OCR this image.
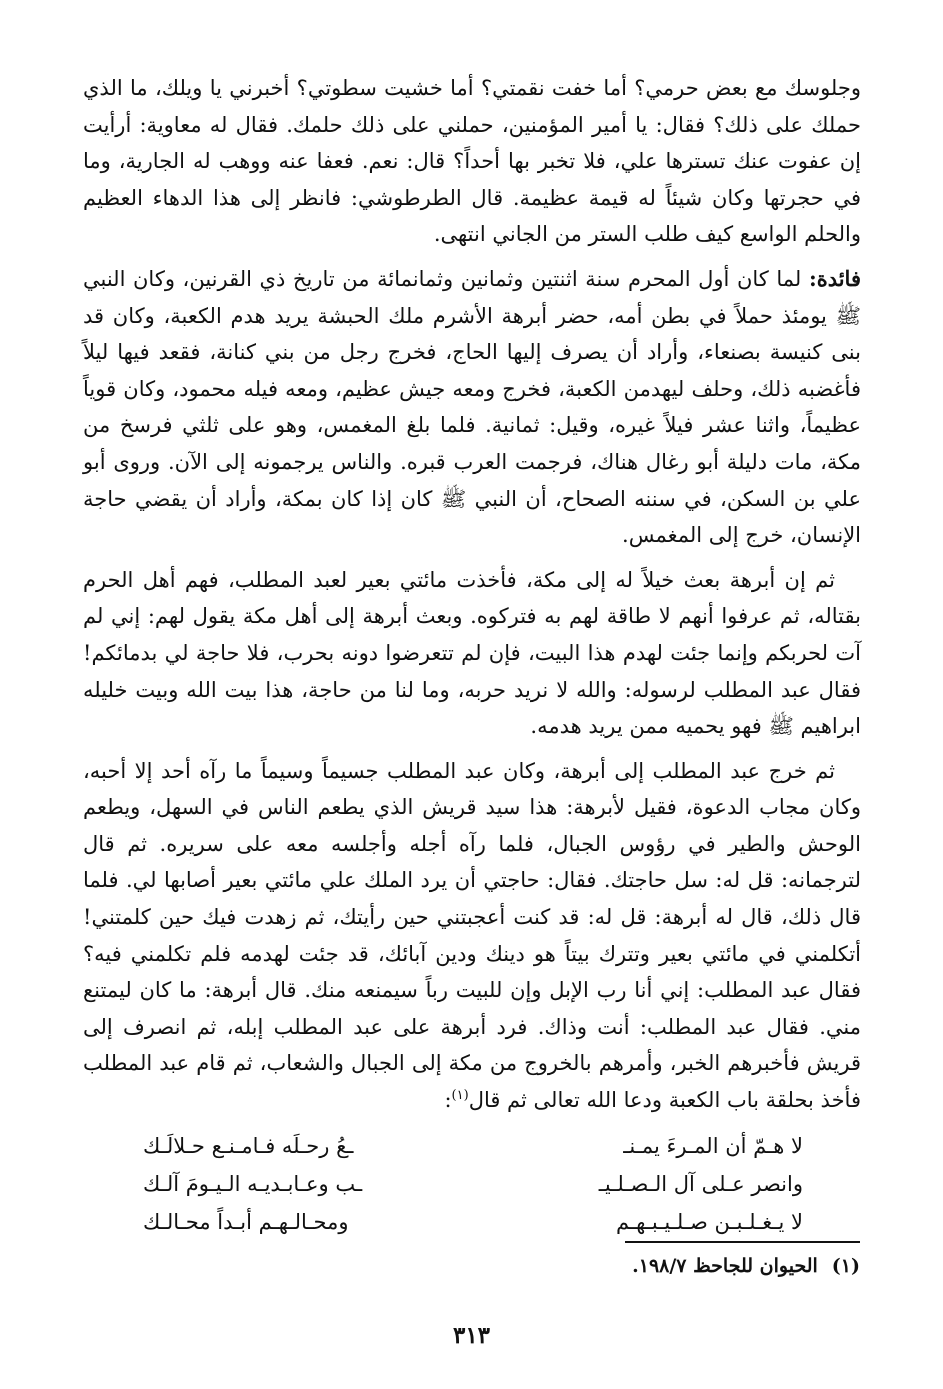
وجلوسك مع بعض حرمي؟ أما خفت نقمتي؟ أما خشيت سطوتي؟ أخبرني يا ويلك، ما الذي حملك على ذلك؟ فقال: يا أمير المؤمنين، حملني على ذلك حلمك. فقال له معاوية: أرأيت إن عفوت عنك تسترها علي، فلا تخبر بها أحداً؟ قال: نعم. فعفا عنه ووهب له الجارية، وما في حجرتها وكان شيئاً له قيمة عظيمة. قال الطرطوشي: فانظر إلى هذا الدهاء العظيم والحلم الواسع كيف طلب الستر من الجاني انتهى.

فائدة: لما كان أول المحرم سنة اثنتين وثمانين وثمانمائة من تاريخ ذي القرنين، وكان النبي ﷺ يومئذ حملاً في بطن أمه، حضر أبرهة الأشرم ملك الحبشة يريد هدم الكعبة، وكان قد بنى كنيسة بصنعاء، وأراد أن يصرف إليها الحاج، فخرج رجل من بني كنانة، فقعد فيها ليلاً فأغضبه ذلك، وحلف ليهدمن الكعبة، فخرج ومعه جيش عظيم، ومعه فيله محمود، وكان قوياً عظيماً، واثنا عشر فيلاً غيره، وقيل: ثمانية. فلما بلغ المغمس، وهو على ثلثي فرسخ من مكة، مات دليلة أبو رغال هناك، فرجمت العرب قبره. والناس يرجمونه إلى الآن. وروى أبو علي بن السكن، في سننه الصحاح، أن النبي ﷺ كان إذا كان بمكة، وأراد أن يقضي حاجة الإنسان، خرج إلى المغمس.

ثم إن أبرهة بعث خيلاً له إلى مكة، فأخذت مائتي بعير لعبد المطلب، فهم أهل الحرم بقتاله، ثم عرفوا أنهم لا طاقة لهم به فتركوه. وبعث أبرهة إلى أهل مكة يقول لهم: إني لم آت لحربكم وإنما جئت لهدم هذا البيت، فإن لم تتعرضوا دونه بحرب، فلا حاجة لي بدمائكم! فقال عبد المطلب لرسوله: والله لا نريد حربه، وما لنا من حاجة، هذا بيت الله وبيت خليله ابراهيم ﷺ فهو يحميه ممن يريد هدمه.

ثم خرج عبد المطلب إلى أبرهة، وكان عبد المطلب جسيماً وسيماً ما رآه أحد إلا أحبه، وكان مجاب الدعوة، فقيل لأبرهة: هذا سيد قريش الذي يطعم الناس في السهل، ويطعم الوحش والطير في رؤوس الجبال، فلما رآه أجله وأجلسه معه على سريره. ثم قال لترجمانه: قل له: سل حاجتك. فقال: حاجتي أن يرد الملك علي مائتي بعير أصابها لي. فلما قال ذلك، قال له أبرهة: قل له: قد كنت أعجبتني حين رأيتك، ثم زهدت فيك حين كلمتني! أتكلمني في مائتي بعير وتترك بيتاً هو دينك ودين آبائك، قد جئت لهدمه فلم تكلمني فيه؟ فقال عبد المطلب: إني أنا رب الإبل وإن للبيت رباً سيمنعه منك. قال أبرهة: ما كان ليمتنع مني. فقال عبد المطلب: أنت وذاك. فرد أبرهة على عبد المطلب إبله، ثم انصرف إلى قريش فأخبرهم الخبر، وأمرهم بالخروج من مكة إلى الجبال والشعاب، ثم قام عبد المطلب فأخذ بحلقة باب الكعبة ودعا الله تعالى ثم قال$^{(١)}$:

لا هـمّ أن المـرءَ يمـنـ
ـعُ رحـلَه فـامـنـع حـلالَـك
وانصر عـلى آل الـصـلـيـ
ـب وعـابـديـه الـيـومَ آلـك
لا يـغـلـبـن صـلـيـبـهـم
ومحـالـهـم أبـداً محـالـك
(١)الحيوان للجاحظ ١٩٨/٧.
٣١٣
